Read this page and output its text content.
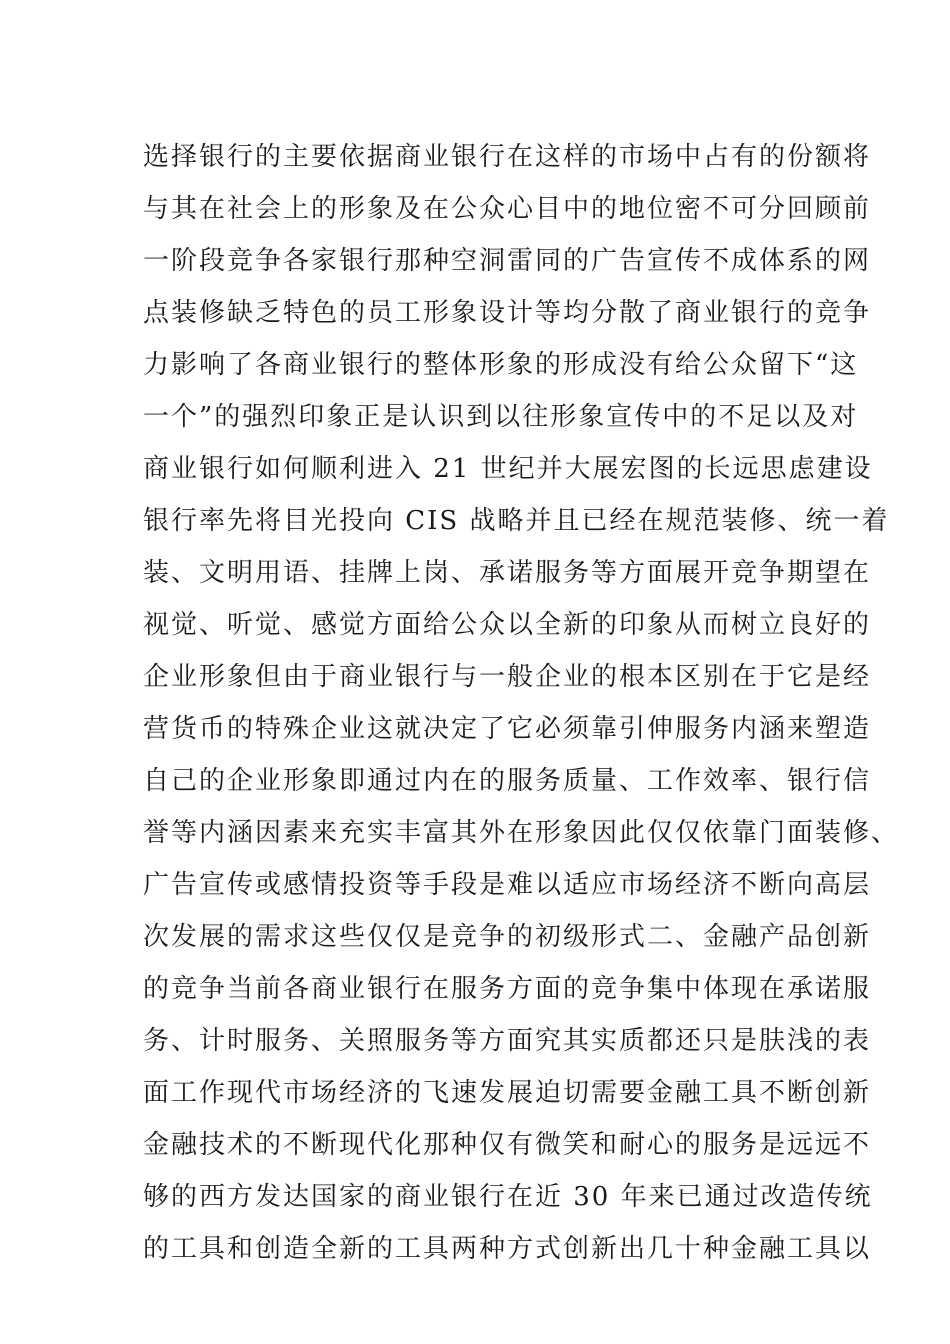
选择银行的主要依据商业银行在这样的市场中占有的份额将
与其在社会上的形象及在公众心目中的地位密不可分回顾前
一阶段竞争各家银行那种空洞雷同的广告宣传不成体系的网
点装修缺乏特色的员工形象设计等均分散了商业银行的竞争
力影响了各商业银行的整体形象的形成没有给公众留下“这
一个”的强烈印象正是认识到以往形象宣传中的不足以及对
商业银行如何顺利进入 21 世纪并大展宏图的长远思虑建设
银行率先将目光投向 CIS 战略并且已经在规范装修、统一着
装、文明用语、挂牌上岗、承诺服务等方面展开竞争期望在
视觉、听觉、感觉方面给公众以全新的印象从而树立良好的
企业形象但由于商业银行与一般企业的根本区别在于它是经
营货币的特殊企业这就决定了它必须靠引伸服务内涵来塑造
自己的企业形象即通过内在的服务质量、工作效率、银行信
誉等内涵因素来充实丰富其外在形象因此仅仅依靠门面装修、
广告宣传或感情投资等手段是难以适应市场经济不断向高层
次发展的需求这些仅仅是竞争的初级形式二、金融产品创新
的竞争当前各商业银行在服务方面的竞争集中体现在承诺服
务、计时服务、关照服务等方面究其实质都还只是肤浅的表
面工作现代市场经济的飞速发展迫切需要金融工具不断创新
金融技术的不断现代化那种仅有微笑和耐心的服务是远远不
够的西方发达国家的商业银行在近 30 年来已通过改造传统
的工具和创造全新的工具两种方式创新出几十种金融工具以
